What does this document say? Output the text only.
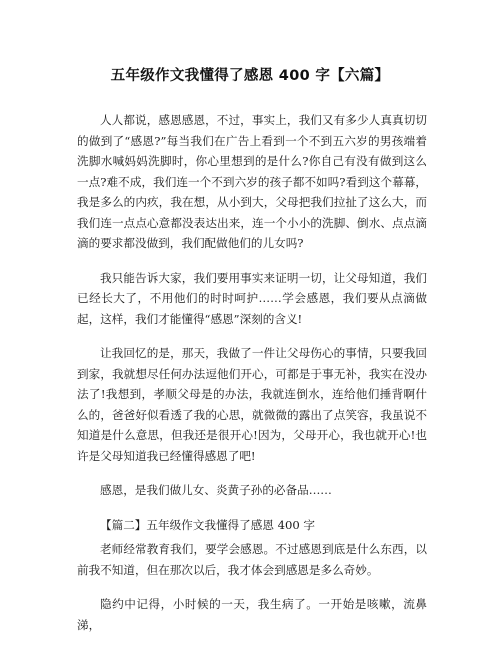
五年级作文我懂得了感恩 400 字【六篇】

人人都说，感恩感恩，不过，事实上，我们又有多少人真真切切的做到了“感恩?”每当我们在广告上看到一个不到五六岁的男孩端着洗脚水喊妈妈洗脚时，你心里想到的是什么?你自己有没有做到这么一点?难不成，我们连一个不到六岁的孩子都不如吗?看到这个幕幕，我是多么的内疚，我在想，从小到大，父母把我们拉扯了这么大，而我们连一点点心意都没表达出来，连一个小小的洗脚、倒水、点点滴滴的要求都没做到，我们配做他们的儿女吗?

我只能告诉大家，我们要用事实来证明一切，让父母知道，我们已经长大了，不用他们的时时呵护……学会感恩，我们要从点滴做起，这样，我们才能懂得“感恩”深刻的含义!

让我回忆的是，那天，我做了一件让父母伤心的事情，只要我回到家，我就想尽任何办法逗他们开心，可都是于事无补，我实在没办法了!我想到，孝顺父母是的办法，我就连倒水，连给他们捶背啊什么的，爸爸好似看透了我的心思，就微微的露出了点笑容，我虽说不知道是什么意思，但我还是很开心!因为，父母开心，我也就开心!也许是父母知道我已经懂得感恩了吧!

感恩，是我们做儿女、炎黄子孙的必备品……

【篇二】五年级作文我懂得了感恩 400 字

老师经常教育我们，要学会感恩。不过感恩到底是什么东西，以前我不知道，但在那次以后，我才体会到感恩是多么奇妙。

隐约中记得，小时候的一天，我生病了。一开始是咳嗽，流鼻涕，
